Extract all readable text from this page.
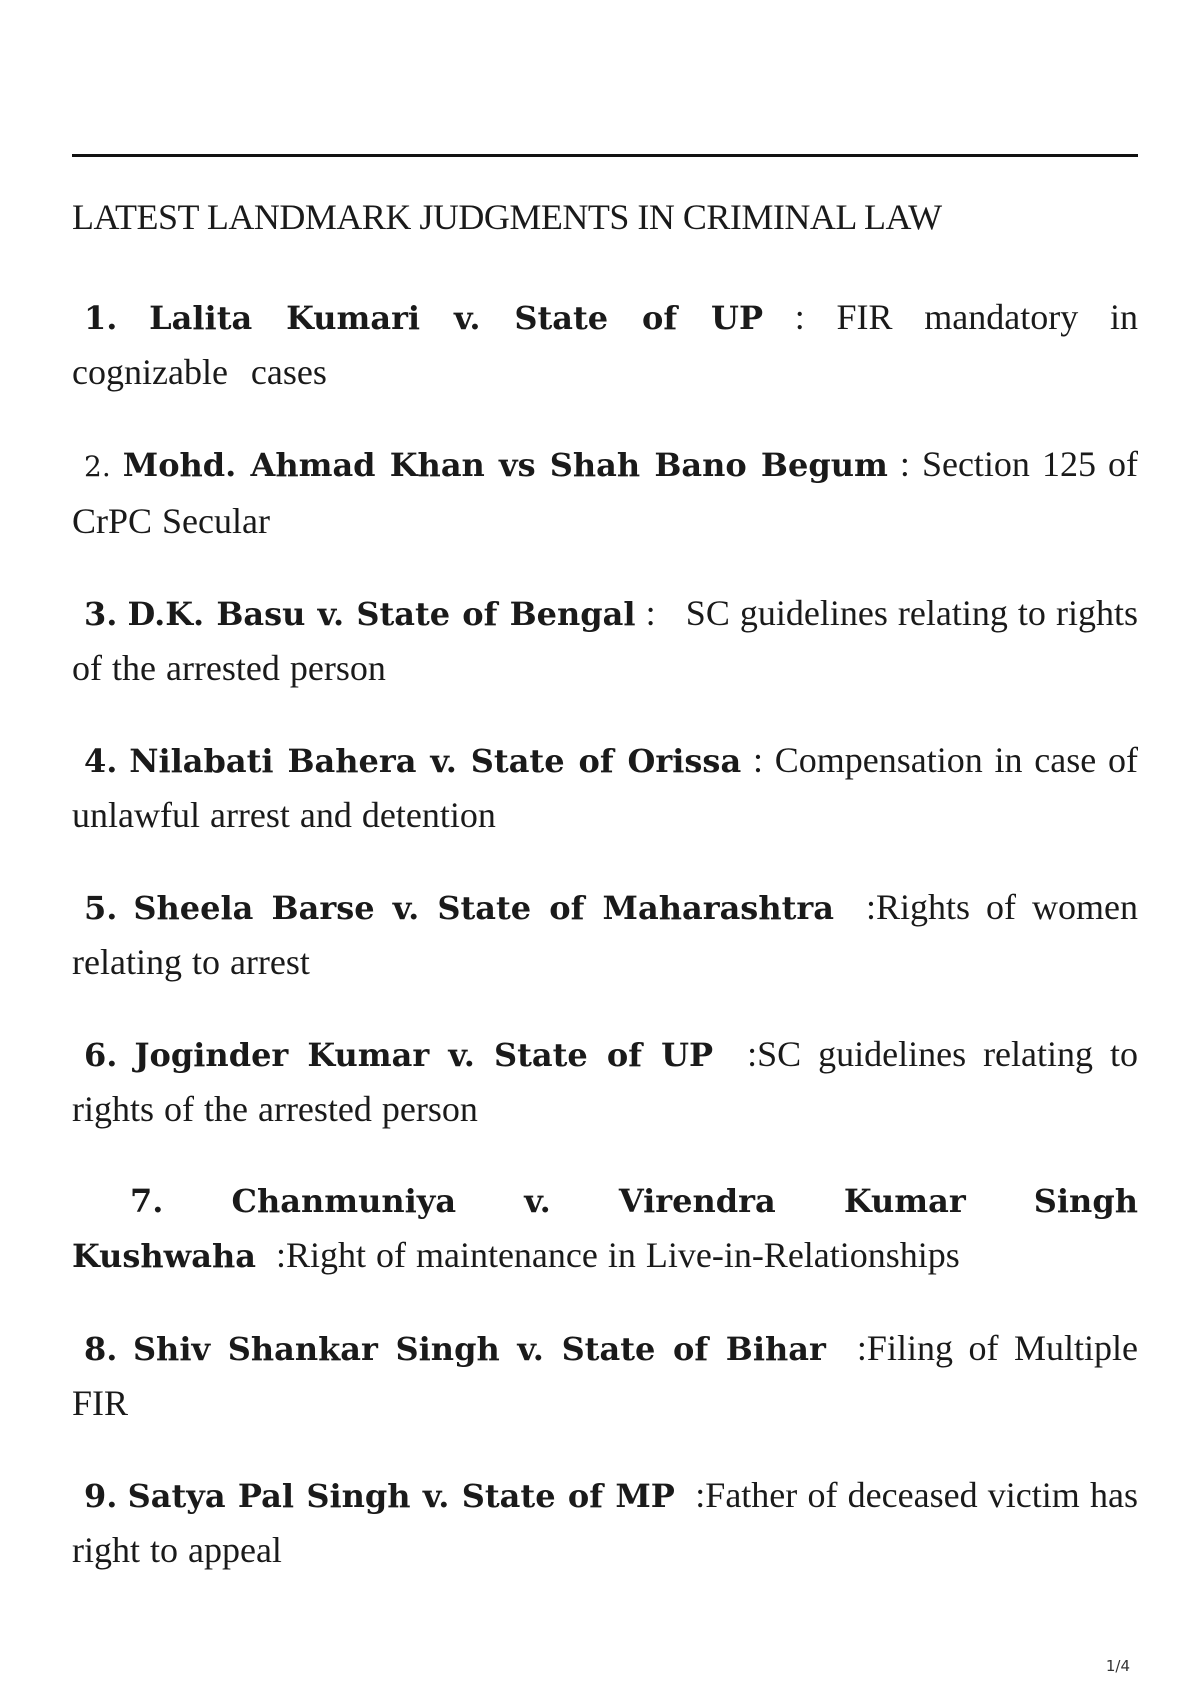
LATEST LANDMARK JUDGMENTS IN CRIMINAL LAW

1. Lalita Kumari v. State of UP : FIR mandatory in cognizable cases

2. Mohd. Ahmad Khan vs Shah Bano Begum : Section 125 of CrPC Secular

3. D.K. Basu v. State of Bengal :   SC guidelines relating to rights of the arrested person

4. Nilabati Bahera v. State of Orissa : Compensation in case of unlawful arrest and detention

5. Sheela Barse v. State of Maharashtra  :Rights of women relating to arrest

6. Joginder Kumar v. State of UP  :SC guidelines relating to rights of the arrested person

7. Chanmuniya v. Virendra Kumar Singh
Kushwaha  :Right of maintenance in Live-in-Relationships

8. Shiv Shankar Singh v. State of Bihar  :Filing of Multiple FIR

9. Satya Pal Singh v. State of MP  :Father of deceased victim has right to appeal

1/4
